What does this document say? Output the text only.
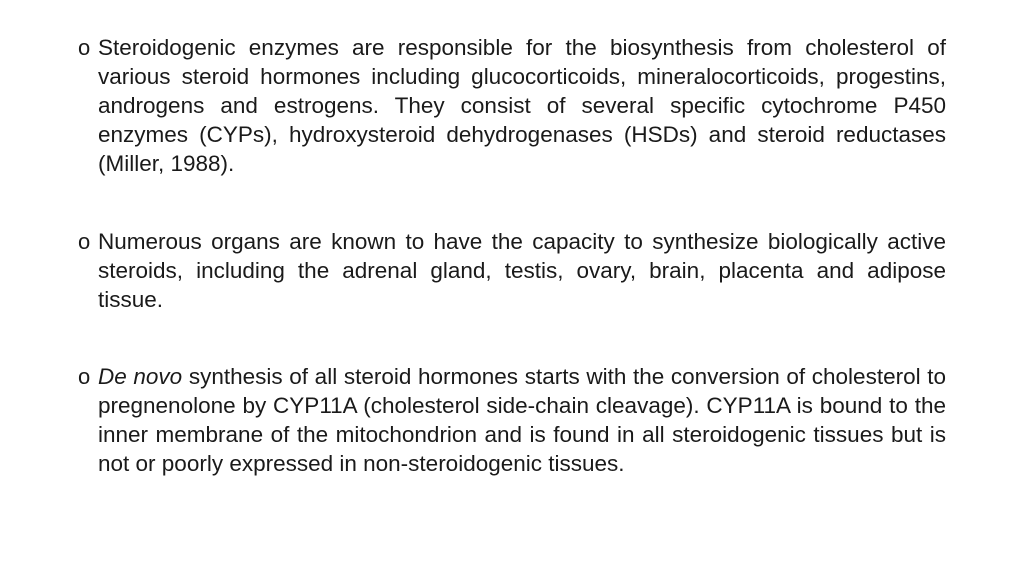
o Steroidogenic enzymes are responsible for the biosynthesis from cholesterol of various steroid hormones including glucocorticoids, mineralocorticoids, progestins, androgens and estrogens. They consist of several specific cytochrome P450 enzymes (CYPs), hydroxysteroid dehydrogenases (HSDs) and steroid reductases (Miller, 1988).
o Numerous organs are known to have the capacity to synthesize biologically active steroids, including the adrenal gland, testis, ovary, brain, placenta and adipose tissue.
o De novo synthesis of all steroid hormones starts with the conversion of cholesterol to pregnenolone by CYP11A (cholesterol side-chain cleavage). CYP11A is bound to the inner membrane of the mitochondrion and is found in all steroidogenic tissues but is not or poorly expressed in non-steroidogenic tissues.
